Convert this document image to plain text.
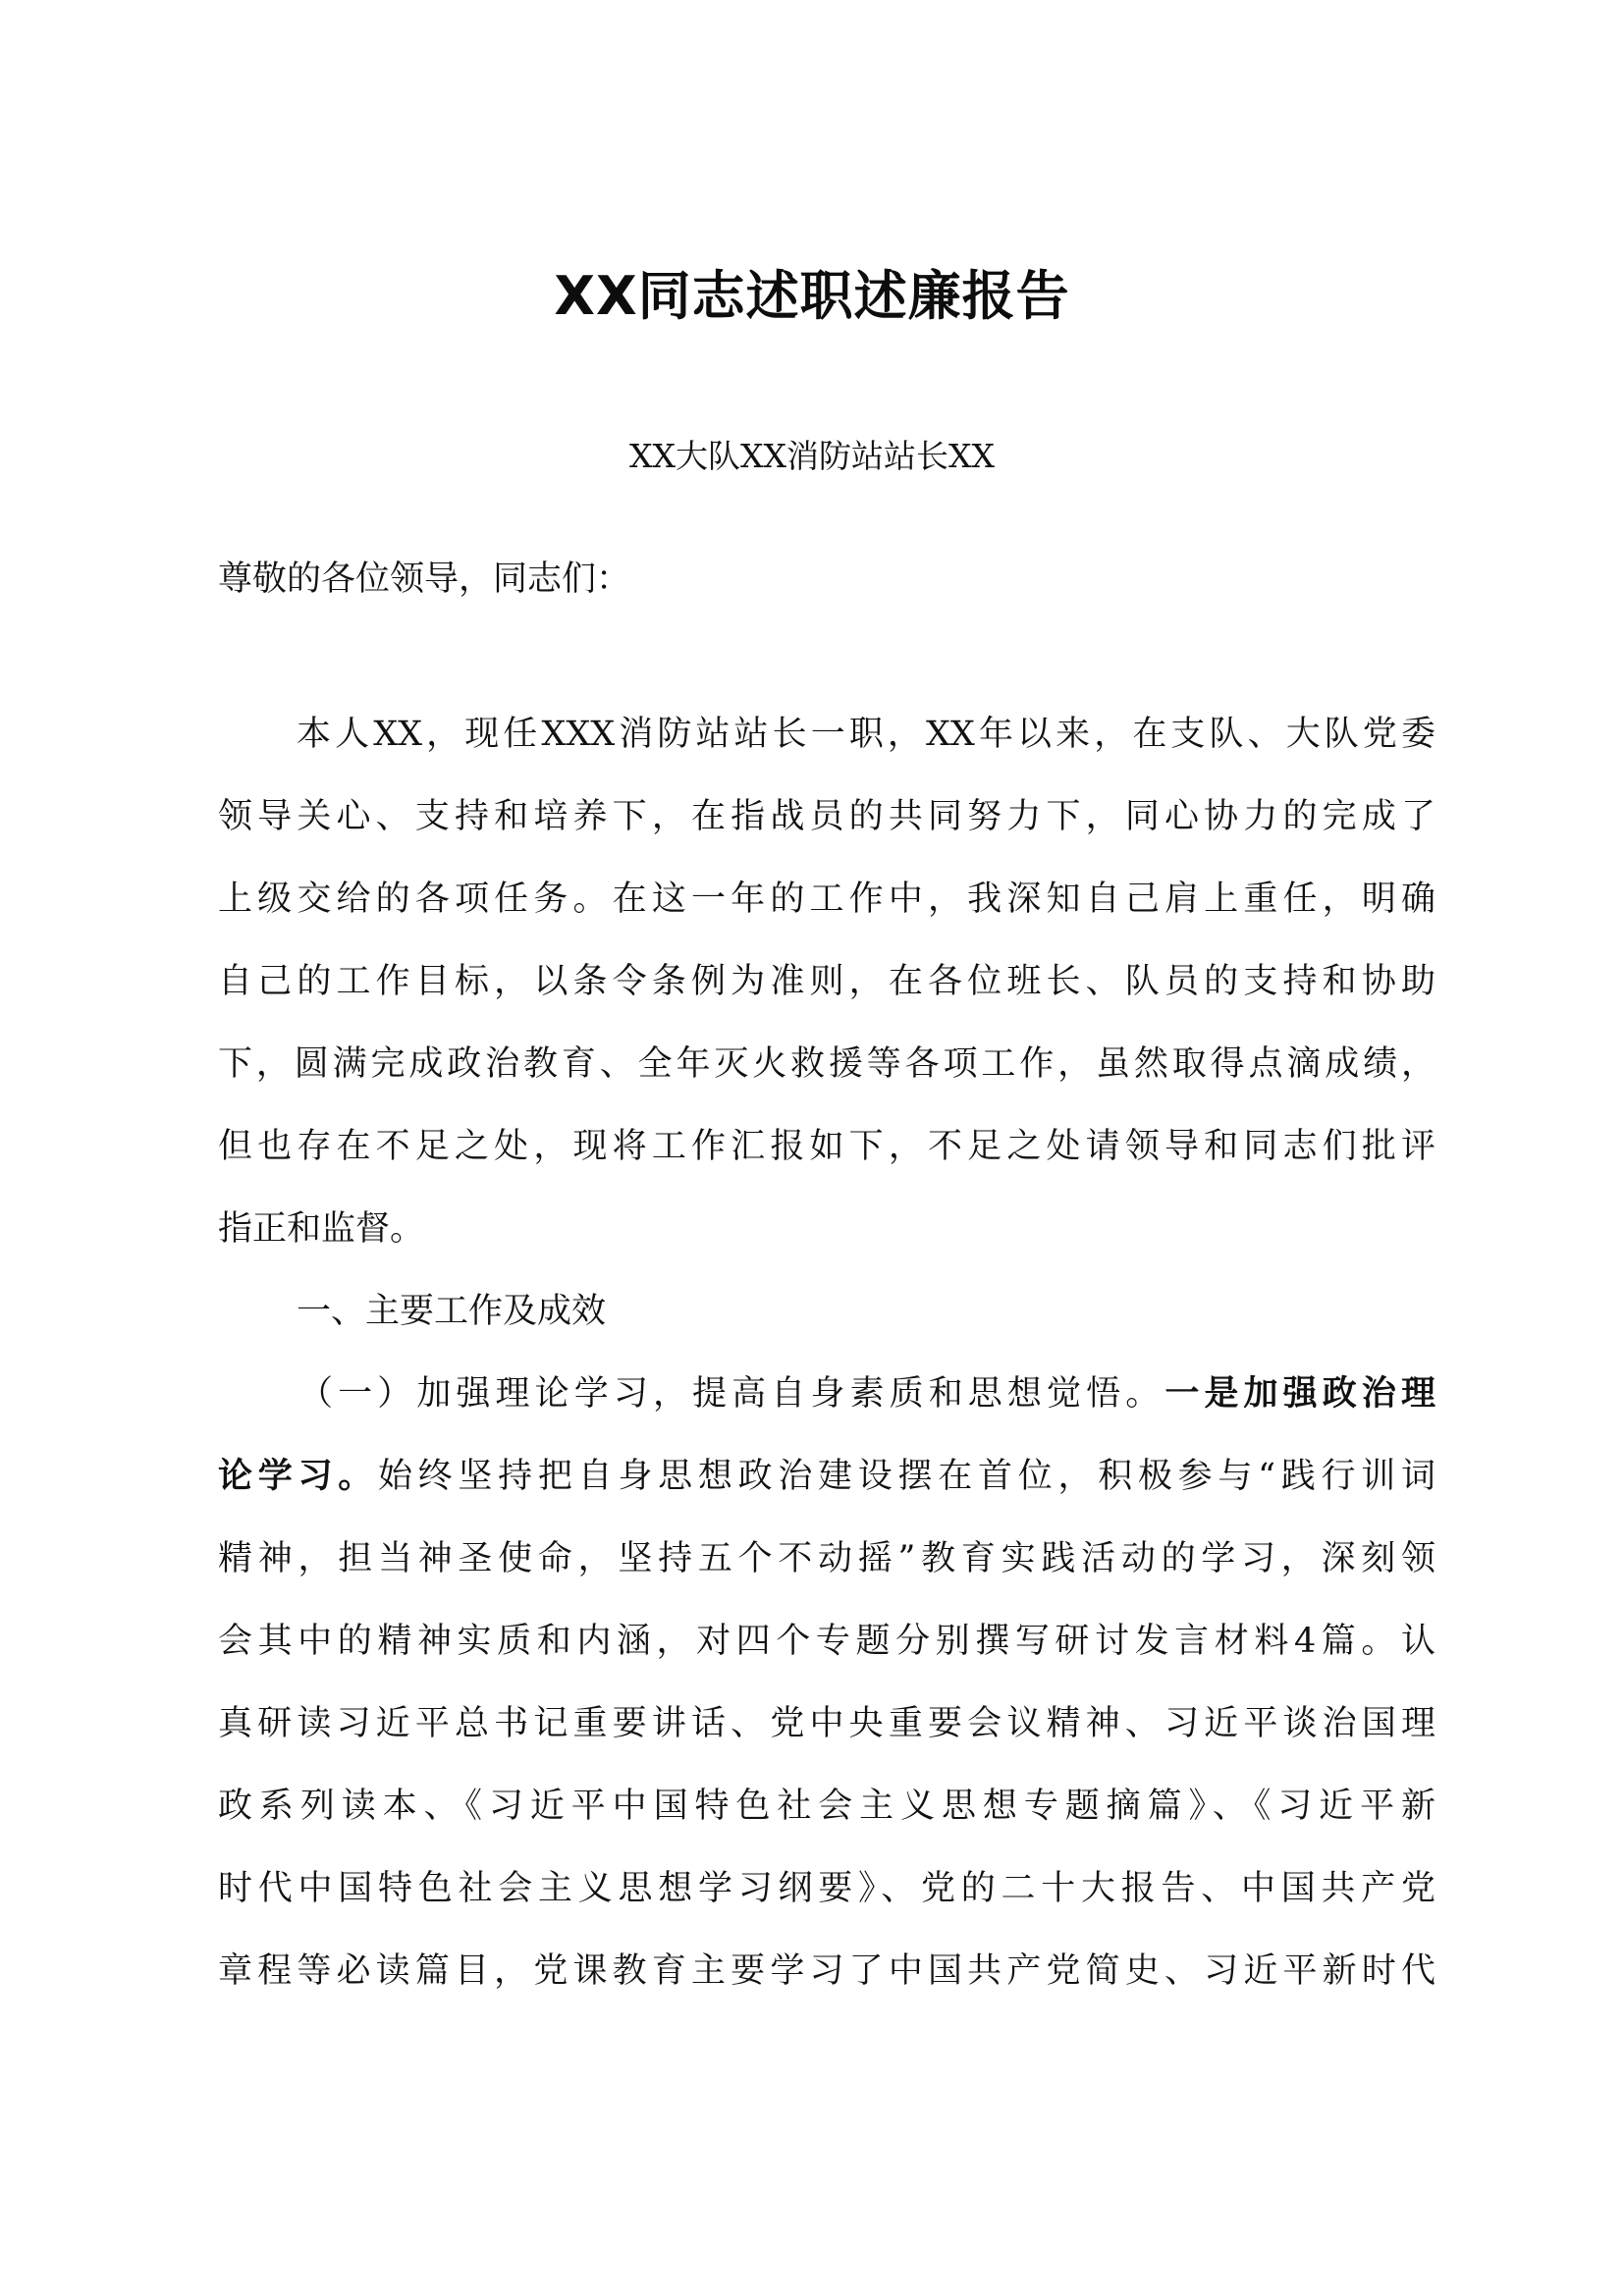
XX同志述职述廉报告

XX大队XX消防站站长XX

尊敬的各位领导，同志们：

本人XX，现任XXX消防站站长一职，XX年以来，在支队、大队党委

领导关心、支持和培养下，在指战员的共同努力下，同心协力的完成了

上级交给的各项任务。在这一年的工作中，我深知自己肩上重任，明确

自己的工作目标，以条令条例为准则，在各位班长、队员的支持和协助

下，圆满完成政治教育、全年灭火救援等各项工作，虽然取得点滴成绩，

但也存在不足之处，现将工作汇报如下，不足之处请领导和同志们批评

指正和监督。

一、主要工作及成效

（一）加强理论学习，提高自身素质和思想觉悟。一是加强政治理

论学习。始终坚持把自身思想政治建设摆在首位，积极参与“践行训词

精神，担当神圣使命，坚持五个不动摇”教育实践活动的学习，深刻领

会其中的精神实质和内涵，对四个专题分别撰写研讨发言材料4篇。认

真研读习近平总书记重要讲话、党中央重要会议精神、习近平谈治国理

政系列读本、《习近平中国特色社会主义思想专题摘篇》、《习近平新

时代中国特色社会主义思想学习纲要》、党的二十大报告、中国共产党

章程等必读篇目，党课教育主要学习了中国共产党简史、习近平新时代
